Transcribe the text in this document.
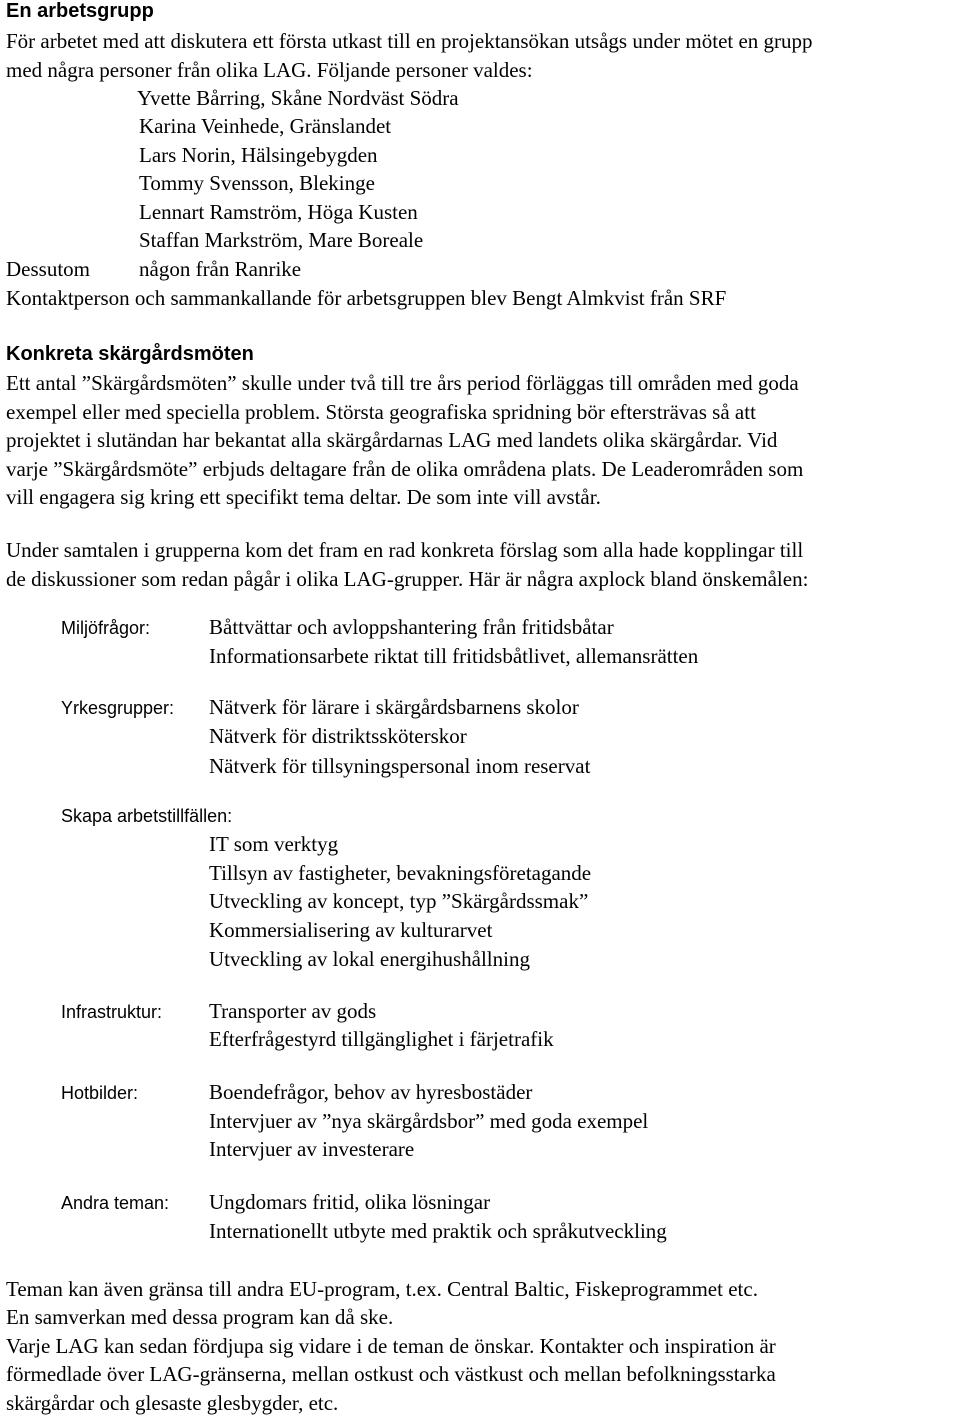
En arbetsgrupp
För arbetet med att diskutera ett första utkast till en projektansökan utsågs under mötet en grupp
med några personer från olika LAG. Följande personer valdes:
Yvette Bårring, Skåne Nordväst Södra
Karina Veinhede, Gränslandet
Lars Norin, Hälsingebygden
Tommy Svensson, Blekinge
Lennart Ramström, Höga Kusten
Staffan Markström, Mare Boreale
Dessutom någon från Ranrike
Kontaktperson och sammankallande för arbetsgruppen blev Bengt Almkvist från SRF
Konkreta skärgårdsmöten
Ett antal ”Skärgårdsmöten” skulle under två till tre års period förläggas till områden med goda
exempel eller med speciella problem. Största geografiska spridning bör eftersträvas så att
projektet i slutändan har bekantat alla skärgårdarnas LAG med landets olika skärgårdar. Vid
varje ”Skärgårdsmöte” erbjuds deltagare från de olika områdena plats. De Leaderområden som
vill engagera sig kring ett specifikt tema deltar. De som inte vill avstår.
Under samtalen i grupperna kom det fram en rad konkreta förslag som alla hade kopplingar till
de diskussioner som redan pågår i olika LAG-grupper. Här är några axplock bland önskemålen:
Miljöfrågor:	Båttvättar och avloppshantering från fritidsbåtar
Informationsarbete riktat till fritidsbåtlivet, allemansrätten
Yrkesgrupper: Nätverk för lärare i skärgårdsbarnens skolor
Nätverk för distriktssköterskor
Nätverk för tillsyningspersonal inom reservat
Skapa arbetstillfällen:
IT som verktyg
Tillsyn av fastigheter, bevakningsföretagande
Utveckling av koncept, typ ”Skärgårdssmak”
Kommersialisering av kulturarvet
Utveckling av lokal energihushållning
Infrastruktur: Transporter av gods
Efterfrågestyrd tillgänglighet i färjetrafik
Hotbilder:	Boendefrågor, behov av hyresbostäder
Intervjuer av ”nya skärgårdsbor” med goda exempel
Intervjuer av investerare
Andra teman: Ungdomars fritid, olika lösningar
Internationellt utbyte med praktik och språkutveckling
Teman kan även gränsa till andra EU-program, t.ex. Central Baltic, Fiskeprogrammet etc.
En samverkan med dessa program kan då ske.
Varje LAG kan sedan fördjupa sig vidare i de teman de önskar. Kontakter och inspiration är
förmedlade över LAG-gränserna, mellan ostkust och västkust och mellan befolkningsstarka
skärgårdar och glesaste glesbygder, etc.
